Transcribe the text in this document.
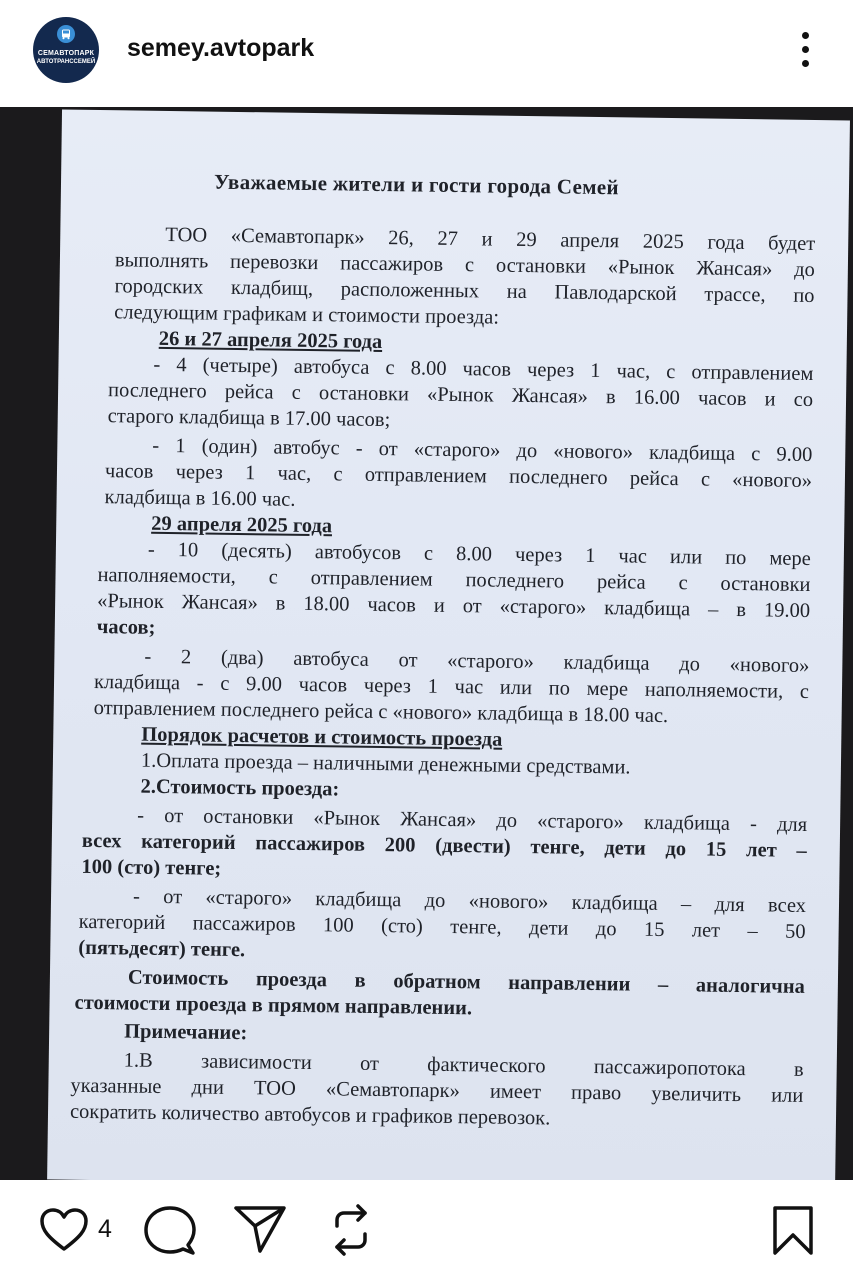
СЕМАВТОПАРК
АВТОТРАНССЕМЕЙ semey.avtopark
Уважаемые жители и гости города Семей
ТОО «Семавтопарк» 26, 27 и 29 апреля 2025 года будет
выполнять перевозки пассажиров с остановки «Рынок Жансая» до
городских кладбищ, расположенных на Павлодарской трассе, по
следующим графикам и стоимости проезда:
26 и 27 апреля 2025 года
- 4 (четыре) автобуса с 8.00 часов через 1 час, с отправлением
последнего рейса с остановки «Рынок Жансая» в 16.00 часов и со
старого кладбища в 17.00 часов;
- 1 (один) автобус - от «старого» до «нового» кладбища с 9.00
часов через 1 час, с отправлением последнего рейса с «нового»
кладбища в 16.00 час.
29 апреля 2025 года
- 10 (десять) автобусов с 8.00 через 1 час или по мере
наполняемости, с отправлением последнего рейса с остановки
«Рынок Жансая» в 18.00 часов и от «старого» кладбища – в 19.00
часов;
- 2 (два) автобуса от «старого» кладбища до «нового»
кладбища - с 9.00 часов через 1 час или по мере наполняемости, с
отправлением последнего рейса с «нового» кладбища в 18.00 час.
Порядок расчетов и стоимость проезда
1.Оплата проезда – наличными денежными средствами.
2.Стоимость проезда:
- от остановки «Рынок Жансая» до «старого» кладбища - для
всех категорий пассажиров 200 (двести) тенге, дети до 15 лет –
100 (сто) тенге;
- от «старого» кладбища до «нового» кладбища – для всех
категорий пассажиров 100 (сто) тенге, дети до 15 лет – 50
(пятьдесят) тенге.
Стоимость проезда в обратном направлении – аналогична
стоимости проезда в прямом направлении.
Примечание:
1.В зависимости от фактического пассажиропотока в
указанные дни ТОО «Семавтопарк» имеет право увеличить или
сократить количество автобусов и графиков перевозок.
4
